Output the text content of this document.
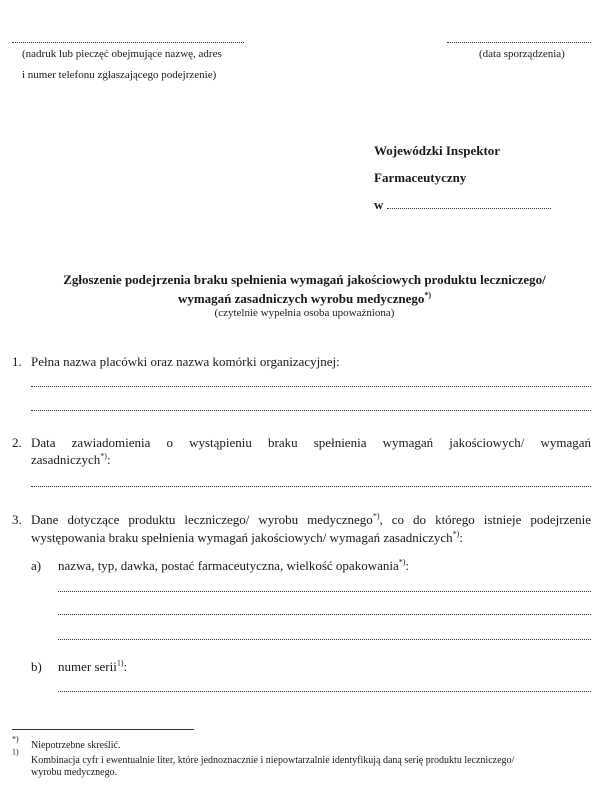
(nadruk lub pieczęć obejmujące nazwę, adres
i numer telefonu zgłaszającego podejrzenie)
(data sporządzenia)
Wojewódzki Inspektor
Farmaceutyczny
w
Zgłoszenie podejrzenia braku spełnienia wymagań jakościowych produktu leczniczego/
wymagań zasadniczych wyrobu medycznego*)
(czytelnie wypełnia osoba upoważniona)
1. Pełna nazwa placówki oraz nazwa komórki organizacyjnej:
2. Data zawiadomienia o wystąpieniu braku spełnienia wymagań jakościowych/ wymagań
zasadniczych*):
3. Dane dotyczące produktu leczniczego/ wyrobu medycznego*), co do którego istnieje podejrzenie
występowania braku spełnienia wymagań jakościowych/ wymagań zasadniczych*):
a) nazwa, typ, dawka, postać farmaceutyczna, wielkość opakowania*):
b) numer serii$^{1)}$:
*)
Niepotrzebne skreślić.
$^{1)}$
Kombinacja cyfr i ewentualnie liter, które jednoznacznie i niepowtarzalnie identyfikują daną serię produktu leczniczego/
wyrobu medycznego.
